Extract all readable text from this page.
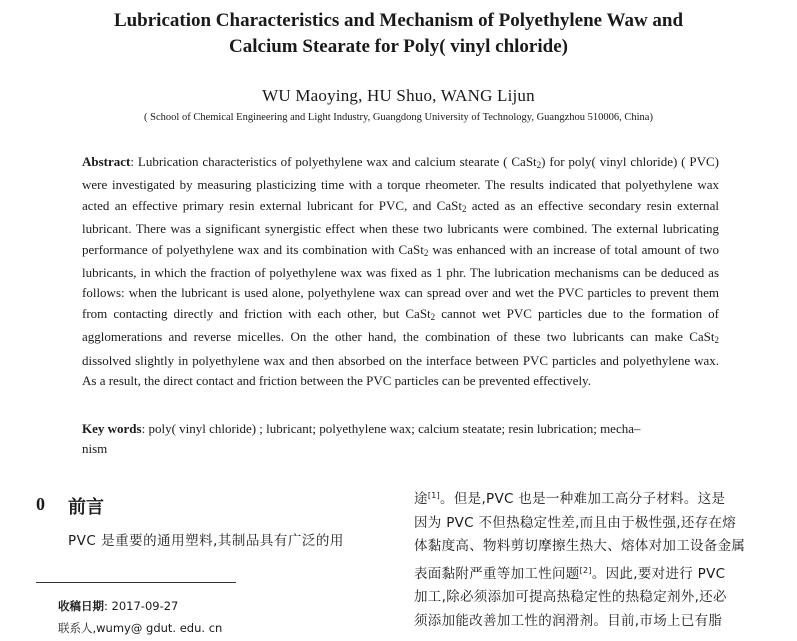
Lubrication Characteristics and Mechanism of Polyethylene Waw and
Calcium Stearate for Poly( vinyl chloride)
WU Maoying, HU Shuo, WANG Lijun
( School of Chemical Engineering and Light Industry, Guangdong University of Technology, Guangzhou 510006, China)
Abstract: Lubrication characteristics of polyethylene wax and calcium stearate ( CaSt$_2$) for poly( vinyl chloride) ( PVC) were investigated by measuring plasticizing time with a torque rheometer. The results indicated that polyethylene wax acted an effective primary resin external lubricant for PVC, and CaSt$_2$ acted as an effective secondary resin external lubricant. There was a significant synergistic effect when these two lubricants were combined. The external lubricating performance of polyethylene wax and its combination with CaSt$_2$ was enhanced with an increase of total amount of two lubricants, in which the fraction of polyethylene wax was fixed as 1 phr. The lubrication mechanisms can be deduced as follows: when the lubricant is used alone, polyethylene wax can spread over and wet the PVC particles to prevent them from contacting directly and friction with each other, but CaSt$_2$ cannot wet PVC particles due to the formation of agglomerations and reverse micelles. On the other hand, the combination of these two lubricants can make CaSt$_2$ dissolved slightly in polyethylene wax and then absorbed on the interface between PVC particles and polyethylene wax. As a result, the direct contact and friction between the PVC particles can be prevented effectively.
Key words: poly( vinyl chloride) ; lubricant; polyethylene wax; calcium steatate; resin lubrication; mecha–
nism
0 前言
PVC 是重要的通用塑料,其制品具有广泛的用
收稿日期: 2017-09-27
联系人,wumy@ gdut. edu. cn
途[1]。但是,PVC 也是一种难加工高分子材料。这是
因为 PVC 不但热稳定性差,而且由于极性强,还存在熔
体黏度高、物料剪切摩擦生热大、熔体对加工设备金属
表面黏附严重等加工性问题[2]。因此,要对进行 PVC
加工,除必须添加可提高热稳定性的热稳定剂外,还必
须添加能改善加工性的润滑剂。目前,市场上已有脂
